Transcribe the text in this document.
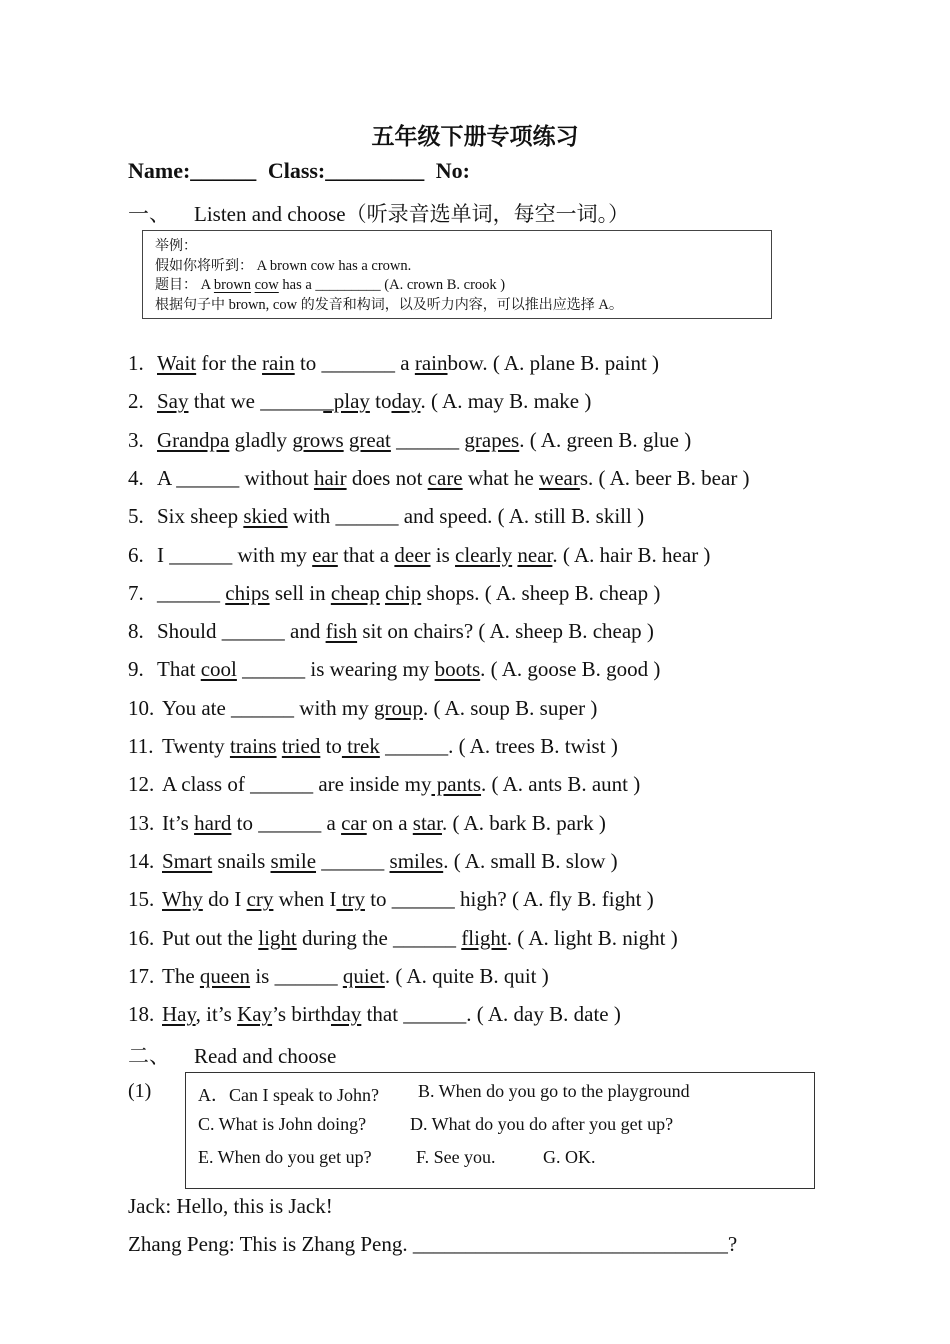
五年级下册专项练习
Name:______ Class:_________ No:
一、 Listen and choose（听录音选单词，每空一词。）
举例：
假如你将听到： A brown cow has a crown.
题目： A brown cow has a _________ (A. crown B. crook )
根据句子中 brown, cow 的发音和构词，以及听力内容，可以推出应选择 A。
1. Wait for the rain to _______ a rainbow. ( A. plane B. paint )
2. Say that we _______play today. ( A. may B. make )
3. Grandpa gladly grows great ______ grapes. ( A. green B. glue )
4. A ______ without hair does not care what he wears. ( A. beer B. bear )
5. Six sheep skied with ______ and speed. ( A. still B. skill )
6. I ______ with my ear that a deer is clearly near. ( A. hair B. hear )
7. ______ chips sell in cheap chip shops. ( A. sheep B. cheap )
8. Should ______ and fish sit on chairs? ( A. sheep B. cheap )
9. That cool ______ is wearing my boots. ( A. goose B. good )
10. You ate ______ with my group. ( A. soup B. super )
11. Twenty trains tried to trek ______. ( A. trees B. twist )
12. A class of ______ are inside my pants. ( A. ants B. aunt )
13. It’s hard to ______ a car on a star. ( A. bark B. park )
14. Smart snails smile ______ smiles. ( A. small B. slow )
15. Why do I cry when I try to ______ high? ( A. fly B. fight )
16. Put out the light during the ______ flight. ( A. light B. night )
17. The queen is ______ quiet. ( A. quite B. quit )
18. Hay, it’s Kay’s birthday that ______. ( A. day B. date )
二、 Read and choose
(1)	A．Can I speak to John? B. When do you go to the playground
C. What is John doing? D. What do you do after you get up?
E. When do you get up? F. See you.	G. OK.
Jack: Hello, this is Jack!
Zhang Peng: This is Zhang Peng. ______________________________?
